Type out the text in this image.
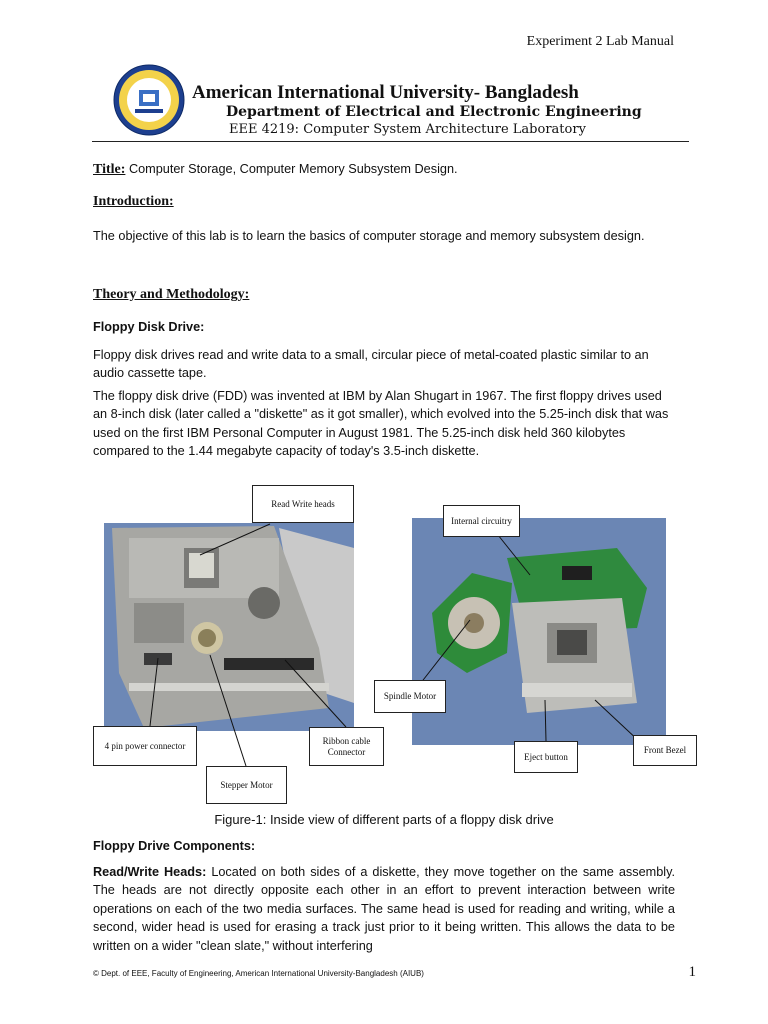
Experiment 2 Lab Manual
American International University- Bangladesh
Department of Electrical and Electronic Engineering
EEE 4219: Computer System Architecture Laboratory
Title: Computer Storage, Computer Memory Subsystem Design.
Introduction:
The objective of this lab is to learn the basics of computer storage and memory subsystem design.
Theory and Methodology:
Floppy Disk Drive:
Floppy disk drives read and write data to a small, circular piece of metal-coated plastic similar to an audio cassette tape.
The floppy disk drive (FDD) was invented at IBM by Alan Shugart in 1967. The first floppy drives used an 8-inch disk (later called a "diskette" as it got smaller), which evolved into the 5.25-inch disk that was used on the first IBM Personal Computer in August 1981. The 5.25-inch disk held 360 kilobytes compared to the 1.44 megabyte capacity of today's 3.5-inch diskette.
Read Write heads
4 pin power connector	Ribbon cable Connector
Stepper Motor
Internal circuitry
Spindle Motor
Eject button
Front Bezel
Figure-1: Inside view of different parts of a floppy disk drive
Floppy Drive Components:
Read/Write Heads: Located on both sides of a diskette, they move together on the same assembly. The heads are not directly opposite each other in an effort to prevent interaction between write operations on each of the two media surfaces. The same head is used for reading and writing, while a second, wider head is used for erasing a track just prior to it being written. This allows the data to be written on a wider "clean slate," without interfering
© Dept. of EEE, Faculty of Engineering, American International University-Bangladesh (AIUB)	1
